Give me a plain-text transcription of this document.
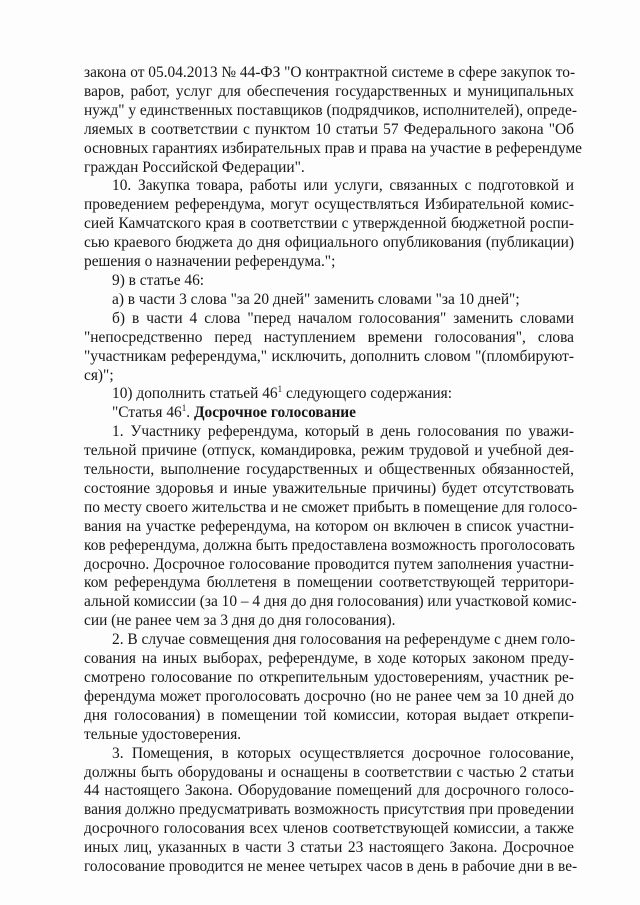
закона от 05.04.2013 № 44-ФЗ "О контрактной системе в сфере закупок то-
варов, работ, услуг для обеспечения государственных и муниципальных
нужд" у единственных поставщиков (подрядчиков, исполнителей), опреде-
ляемых в соответствии с пунктом 10 статьи 57 Федерального закона "Об
основных гарантиях избирательных прав и права на участие в референдуме
граждан Российской Федерации".
10. Закупка товара, работы или услуги, связанных с подготовкой и
проведением референдума, могут осуществляться Избирательной комис-
сией Камчатского края в соответствии с утвержденной бюджетной роспи-
сью краевого бюджета до дня официального опубликования (публикации)
решения о назначении референдума.";
9) в статье 46:
а) в части 3 слова "за 20 дней" заменить словами "за 10 дней";
б) в части 4 слова "перед началом голосования" заменить словами
"непосредственно перед наступлением времени голосования", слова
"участникам референдума," исключить, дополнить словом "(пломбируют-
ся)";
10) дополнить статьей $46^1$ следующего содержания:
"Статья $46^1$. Досрочное голосование
1. Участнику референдума, который в день голосования по уважи-
тельной причине (отпуск, командировка, режим трудовой и учебной дея-
тельности, выполнение государственных и общественных обязанностей,
состояние здоровья и иные уважительные причины) будет отсутствовать
по месту своего жительства и не сможет прибыть в помещение для голосо-
вания на участке референдума, на котором он включен в список участни-
ков референдума, должна быть предоставлена возможность проголосовать
досрочно. Досрочное голосование проводится путем заполнения участни-
ком референдума бюллетеня в помещении соответствующей территори-
альной комиссии (за 10 – 4 дня до дня голосования) или участковой комис-
сии (не ранее чем за 3 дня до дня голосования).
2. В случае совмещения дня голосования на референдуме с днем голо-
сования на иных выборах, референдуме, в ходе которых законом преду-
смотрено голосование по открепительным удостоверениям, участник ре-
ферендума может проголосовать досрочно (но не ранее чем за 10 дней до
дня голосования) в помещении той комиссии, которая выдает открепи-
тельные удостоверения.
3. Помещения, в которых осуществляется досрочное голосование,
должны быть оборудованы и оснащены в соответствии с частью 2 статьи
44 настоящего Закона. Оборудование помещений для досрочного голосо-
вания должно предусматривать возможность присутствия при проведении
досрочного голосования всех членов соответствующей комиссии, а также
иных лиц, указанных в части 3 статьи 23 настоящего Закона. Досрочное
голосование проводится не менее четырех часов в день в рабочие дни в ве-
